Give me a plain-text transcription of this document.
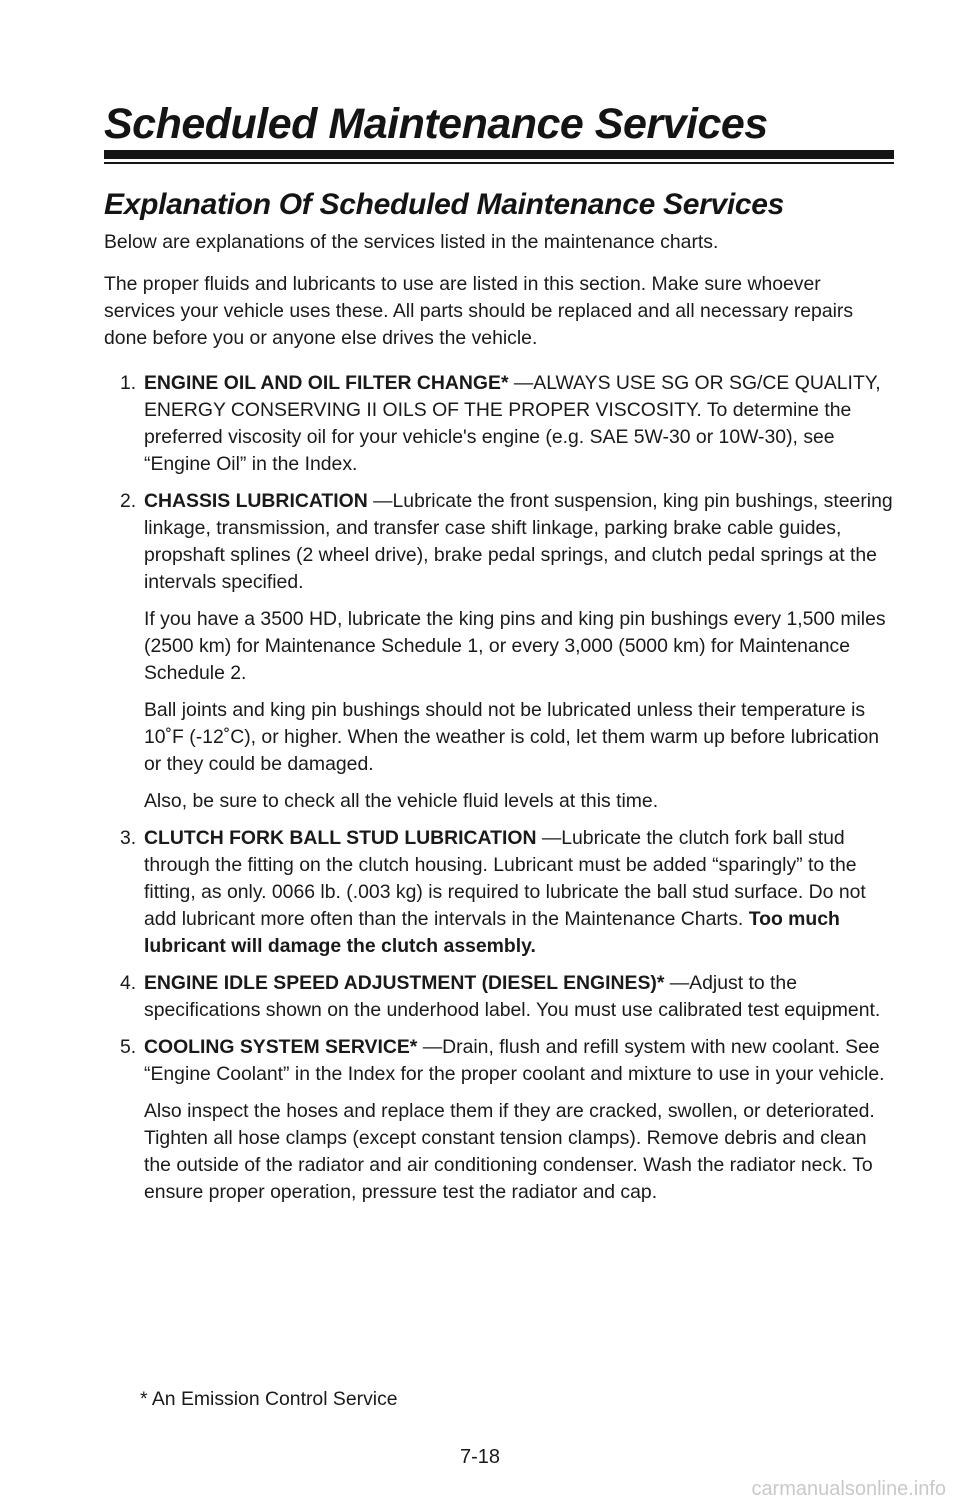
Scheduled Maintenance Services
Explanation Of Scheduled Maintenance Services

Below are explanations of the services listed in the maintenance charts.

The proper fluids and lubricants to use are listed in this section. Make sure whoever services your vehicle uses these. All parts should be replaced and all necessary repairs done before you or anyone else drives the vehicle.

1. ENGINE OIL AND OIL FILTER CHANGE* —ALWAYS USE SG OR SG/CE QUALITY, ENERGY CONSERVING II OILS OF THE PROPER VISCOSITY. To determine the preferred viscosity oil for your vehicle's engine (e.g. SAE 5W-30 or 10W-30), see “Engine Oil” in the Index.

2. CHASSIS LUBRICATION —Lubricate the front suspension, king pin bushings, steering linkage, transmission, and transfer case shift linkage, parking brake cable guides, propshaft splines (2 wheel drive), brake pedal springs, and clutch pedal springs at the intervals specified.

If you have a 3500 HD, lubricate the king pins and king pin bushings every 1,500 miles (2500 km) for Maintenance Schedule 1, or every 3,000 (5000 km) for Maintenance Schedule 2.

Ball joints and king pin bushings should not be lubricated unless their temperature is 10˚F (-12˚C), or higher. When the weather is cold, let them warm up before lubrication or they could be damaged.

Also, be sure to check all the vehicle fluid levels at this time.

3. CLUTCH FORK BALL STUD LUBRICATION —Lubricate the clutch fork ball stud through the fitting on the clutch housing. Lubricant must be added “sparingly” to the fitting, as only. 0066 lb. (.003 kg) is required to lubricate the ball stud surface. Do not add lubricant more often than the intervals in the Maintenance Charts. Too much lubricant will damage the clutch assembly.

4. ENGINE IDLE SPEED ADJUSTMENT (DIESEL ENGINES)* —Adjust to the specifications shown on the underhood label. You must use calibrated test equipment.

5. COOLING SYSTEM SERVICE* —Drain, flush and refill system with new coolant. See “Engine Coolant” in the Index for the proper coolant and mixture to use in your vehicle.

Also inspect the hoses and replace them if they are cracked, swollen, or deteriorated. Tighten all hose clamps (except constant tension clamps). Remove debris and clean the outside of the radiator and air conditioning condenser. Wash the radiator neck. To ensure proper operation, pressure test the radiator and cap.

* An Emission Control Service

7-18

carmanualsonline.info
